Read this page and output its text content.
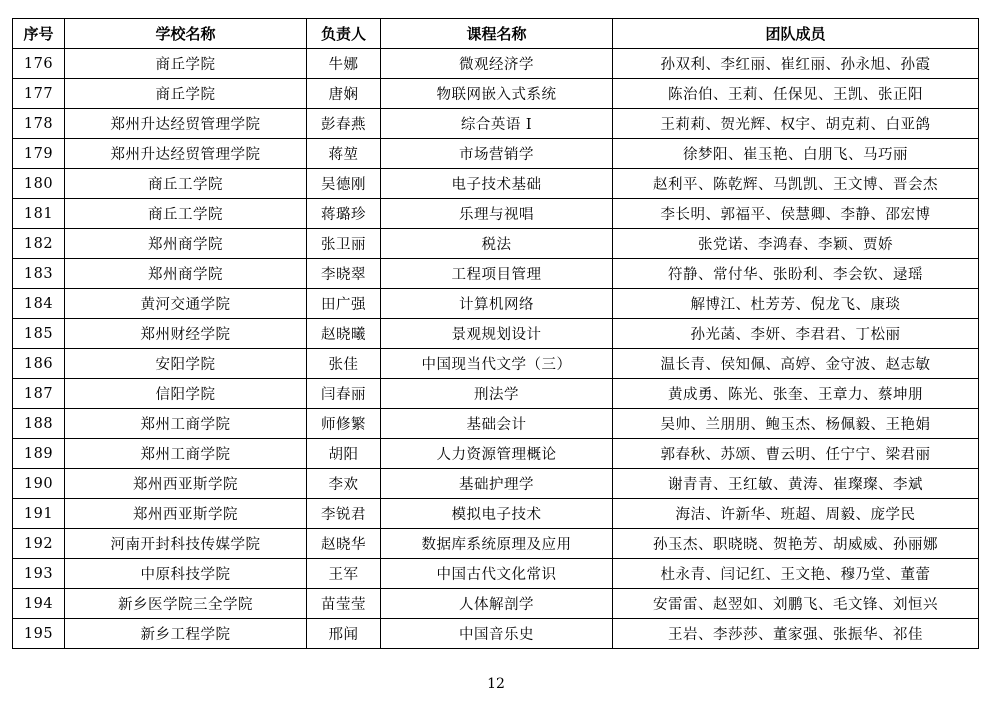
序号	学校名称	负责人	课程名称	团队成员
176	商丘学院	牛娜	微观经济学	孙双利、李红丽、崔红丽、孙永旭、孙霞
177	商丘学院	唐娴	物联网嵌入式系统	陈治伯、王莉、任保见、王凯、张正阳
178	郑州升达经贸管理学院	彭春燕	综合英语 I	王莉莉、贺光辉、权宇、胡克莉、白亚鸽
179	郑州升达经贸管理学院	蒋堃	市场营销学	徐梦阳、崔玉艳、白朋飞、马巧丽
180	商丘工学院	吴德刚	电子技术基础	赵利平、陈乾辉、马凯凯、王文博、晋会杰
181	商丘工学院	蒋璐珍	乐理与视唱	李长明、郭福平、侯慧卿、李静、邵宏博
182	郑州商学院	张卫丽	税法	张党诺、李鸿春、李颖、贾娇
183	郑州商学院	李晓翠	工程项目管理	符静、常付华、张盼利、李会钦、逯瑶
184	黄河交通学院	田广强	计算机网络	解博江、杜芳芳、倪龙飞、康琰
185	郑州财经学院	赵晓曦	景观规划设计	孙光菡、李妍、李君君、丁松丽
186	安阳学院	张佳	中国现当代文学（三）	温长青、侯知佩、高婷、金守波、赵志敏
187	信阳学院	闫春丽	刑法学	黄成勇、陈光、张奎、王章力、蔡坤朋
188	郑州工商学院	师修繁	基础会计	吴帅、兰朋朋、鲍玉杰、杨佩毅、王艳娟
189	郑州工商学院	胡阳	人力资源管理概论	郭春秋、苏颂、曹云明、任宁宁、梁君丽
190	郑州西亚斯学院	李欢	基础护理学	谢青青、王红敏、黄涛、崔璨璨、李斌
191	郑州西亚斯学院	李锐君	模拟电子技术	海洁、许新华、班超、周毅、庞学民
192	河南开封科技传媒学院	赵晓华	数据库系统原理及应用	孙玉杰、职晓晓、贺艳芳、胡威威、孙丽娜
193	中原科技学院	王军	中国古代文化常识	杜永青、闫记红、王文艳、穆乃堂、董蕾
194	新乡医学院三全学院	苗莹莹	人体解剖学	安雷雷、赵翌如、刘鹏飞、毛文锋、刘恒兴
195	新乡工程学院	邢闻	中国音乐史	王岩、李莎莎、董家强、张振华、祁佳
12
